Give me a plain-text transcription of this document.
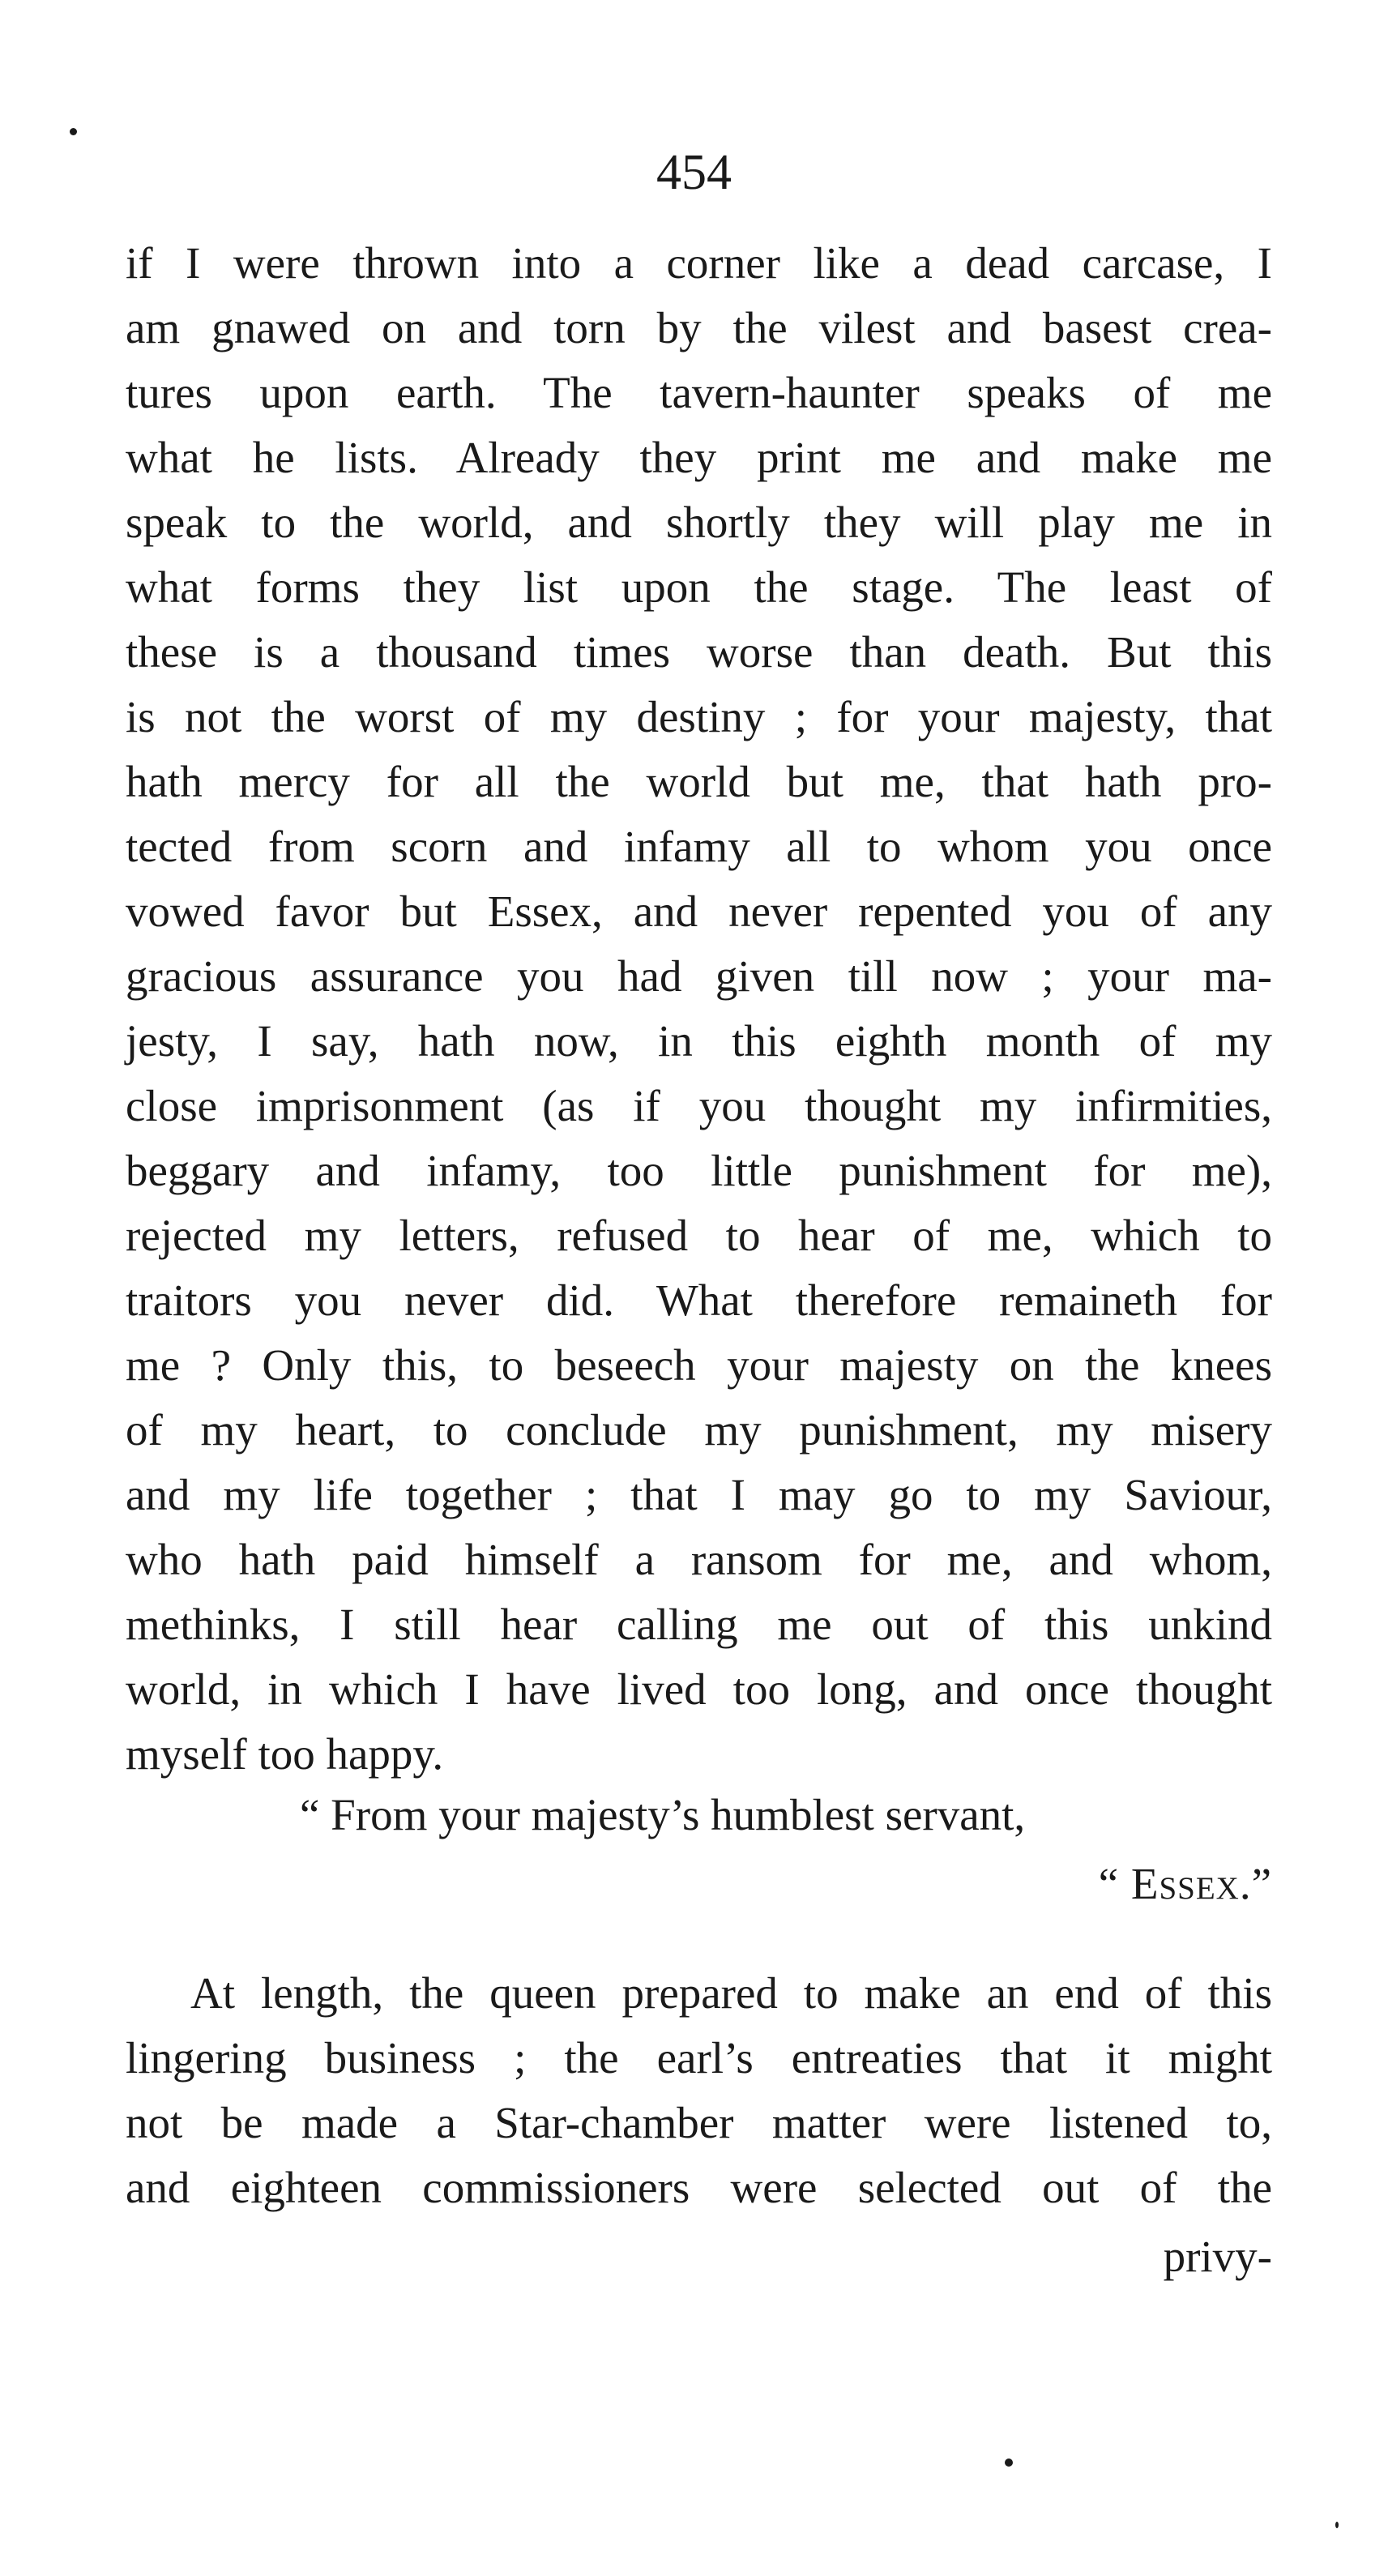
454
if I were thrown into a corner like a dead carcase, I
am gnawed on and torn by the vilest and basest crea-
tures upon earth. The tavern-haunter speaks of me
what he lists. Already they print me and make me
speak to the world, and shortly they will play me in
what forms they list upon the stage. The least of
these is a thousand times worse than death. But this
is not the worst of my destiny ; for your majesty, that
hath mercy for all the world but me, that hath pro-
tected from scorn and infamy all to whom you once
vowed favor but Essex, and never repented you of any
gracious assurance you had given till now ; your ma-
jesty, I say, hath now, in this eighth month of my
close imprisonment (as if you thought my infirmities,
beggary and infamy, too little punishment for me),
rejected my letters, refused to hear of me, which to
traitors you never did. What therefore remaineth for
me ? Only this, to beseech your majesty on the knees
of my heart, to conclude my punishment, my misery
and my life together ; that I may go to my Saviour,
who hath paid himself a ransom for me, and whom,
methinks, I still hear calling me out of this unkind
world, in which I have lived too long, and once thought
myself too happy.
“ From your majesty’s humblest servant,
“ Essex.”
At length, the queen prepared to make an end of this
lingering business ; the earl’s entreaties that it might
not be made a Star-chamber matter were listened to,
and eighteen commissioners were selected out of the
privy-
